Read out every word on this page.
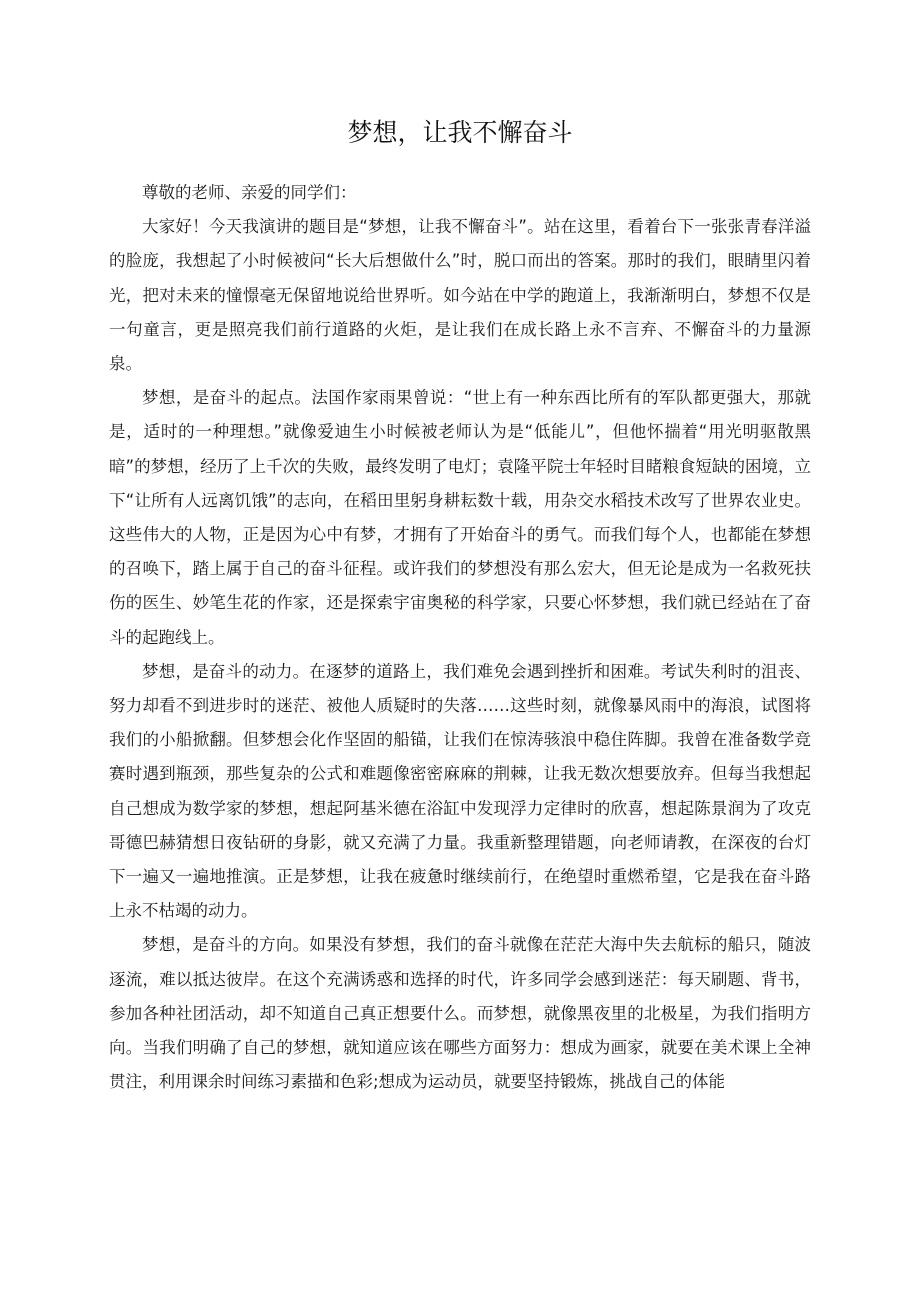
梦想，让我不懈奋斗

尊敬的老师、亲爱的同学们：

大家好！今天我演讲的题目是“梦想，让我不懈奋斗”。站在这里，看着台下一张张青春洋溢的脸庞，我想起了小时候被问“长大后想做什么”时，脱口而出的答案。那时的我们，眼睛里闪着光，把对未来的憧憬毫无保留地说给世界听。如今站在中学的跑道上，我渐渐明白，梦想不仅是一句童言，更是照亮我们前行道路的火炬，是让我们在成长路上永不言弃、不懈奋斗的力量源泉。

梦想，是奋斗的起点。法国作家雨果曾说：“世上有一种东西比所有的军队都更强大，那就是，适时的一种理想。”就像爱迪生小时候被老师认为是“低能儿”，但他怀揣着“用光明驱散黑暗”的梦想，经历了上千次的失败，最终发明了电灯；袁隆平院士年轻时目睹粮食短缺的困境，立下“让所有人远离饥饿”的志向，在稻田里躬身耕耘数十载，用杂交水稻技术改写了世界农业史。这些伟大的人物，正是因为心中有梦，才拥有了开始奋斗的勇气。而我们每个人，也都能在梦想的召唤下，踏上属于自己的奋斗征程。或许我们的梦想没有那么宏大，但无论是成为一名救死扶伤的医生、妙笔生花的作家，还是探索宇宙奥秘的科学家，只要心怀梦想，我们就已经站在了奋斗的起跑线上。

梦想，是奋斗的动力。在逐梦的道路上，我们难免会遇到挫折和困难。考试失利时的沮丧、努力却看不到进步时的迷茫、被他人质疑时的失落……这些时刻，就像暴风雨中的海浪，试图将我们的小船掀翻。但梦想会化作坚固的船锚，让我们在惊涛骇浪中稳住阵脚。我曾在准备数学竞赛时遇到瓶颈，那些复杂的公式和难题像密密麻麻的荆棘，让我无数次想要放弃。但每当我想起自己想成为数学家的梦想，想起阿基米德在浴缸中发现浮力定律时的欣喜，想起陈景润为了攻克哥德巴赫猜想日夜钻研的身影，就又充满了力量。我重新整理错题，向老师请教，在深夜的台灯下一遍又一遍地推演。正是梦想，让我在疲惫时继续前行，在绝望时重燃希望，它是我在奋斗路上永不枯竭的动力。

梦想，是奋斗的方向。如果没有梦想，我们的奋斗就像在茫茫大海中失去航标的船只，随波逐流，难以抵达彼岸。在这个充满诱惑和选择的时代，许多同学会感到迷茫：每天刷题、背书，参加各种社团活动，却不知道自己真正想要什么。而梦想，就像黑夜里的北极星，为我们指明方向。当我们明确了自己的梦想，就知道应该在哪些方面努力：想成为画家，就要在美术课上全神贯注，利用课余时间练习素描和色彩;想成为运动员，就要坚持锻炼，挑战自己的体能
